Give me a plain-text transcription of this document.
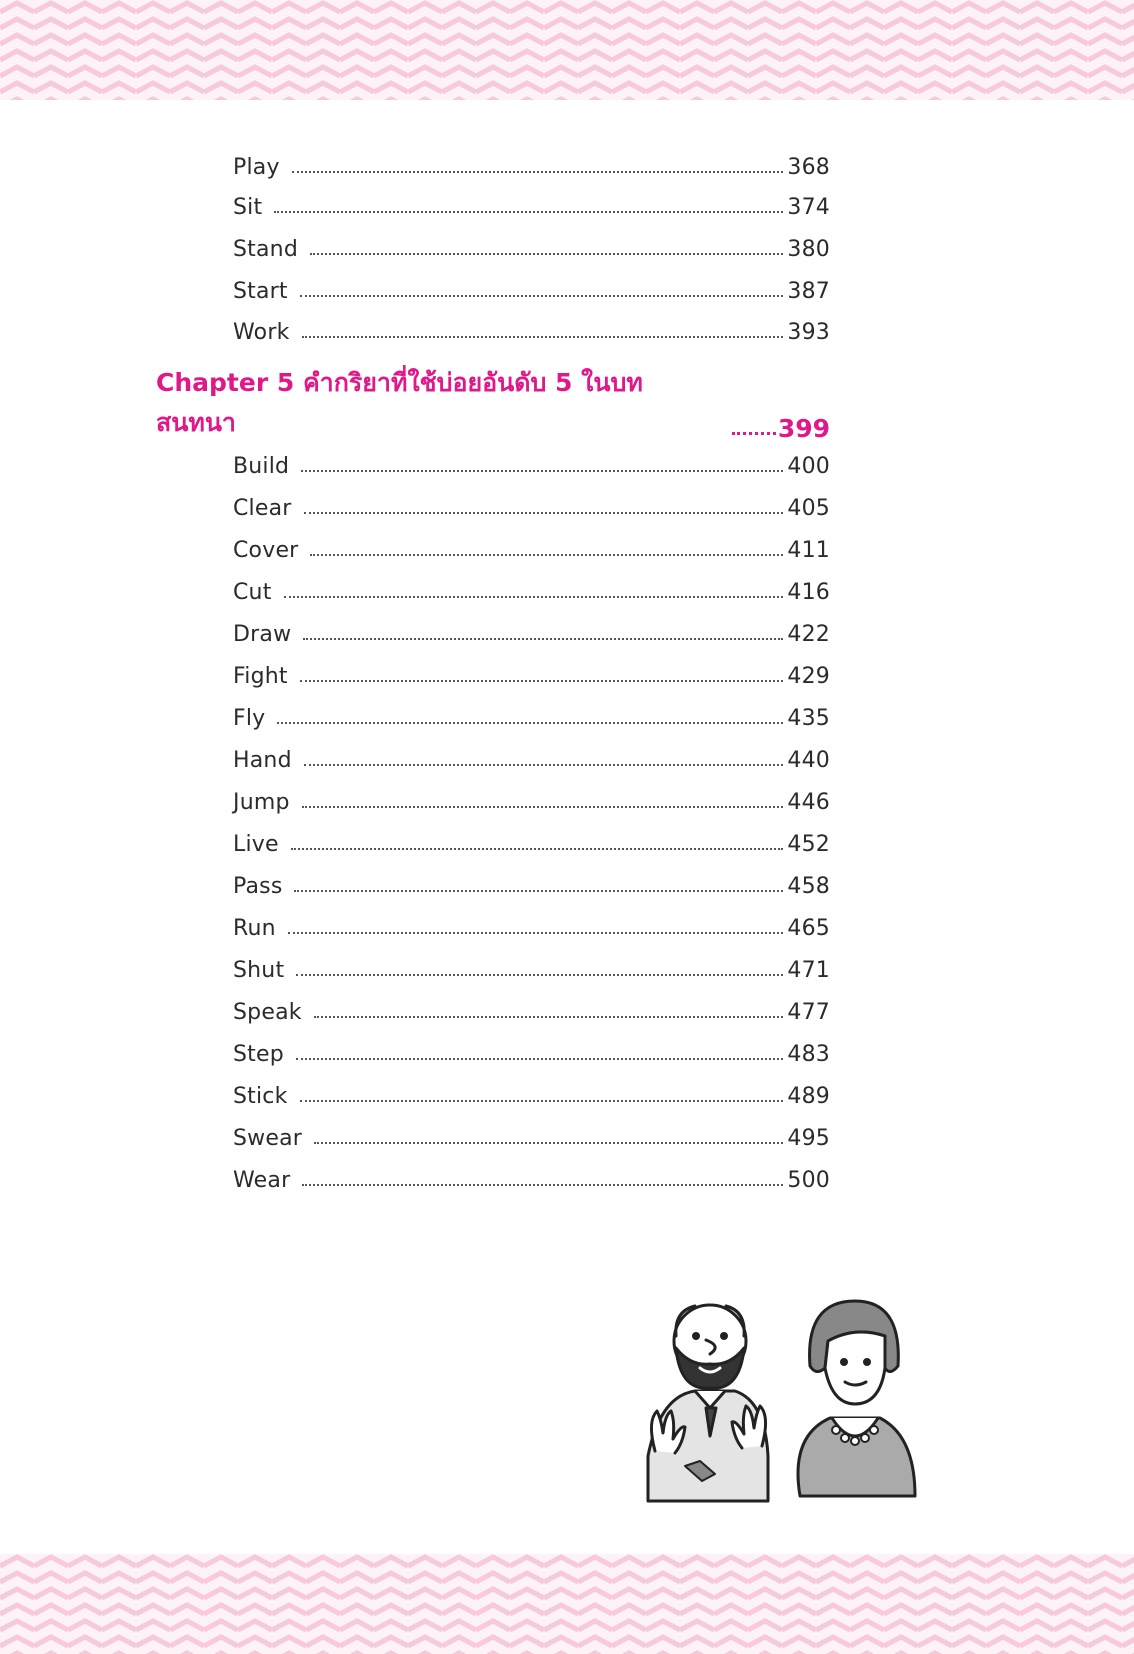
Play	368
Sit	374
Stand	380
Start	387
Work	393
Chapter 5 คำกริยาที่ใช้บ่อยอันดับ 5 ในบทสนทนา	399
Build	400
Clear	405
Cover	411
Cut	416
Draw	422
Fight	429
Fly	435
Hand	440
Jump	446
Live	452
Pass	458
Run	465
Shut	471
Speak	477
Step	483
Stick	489
Swear	495
Wear	500
